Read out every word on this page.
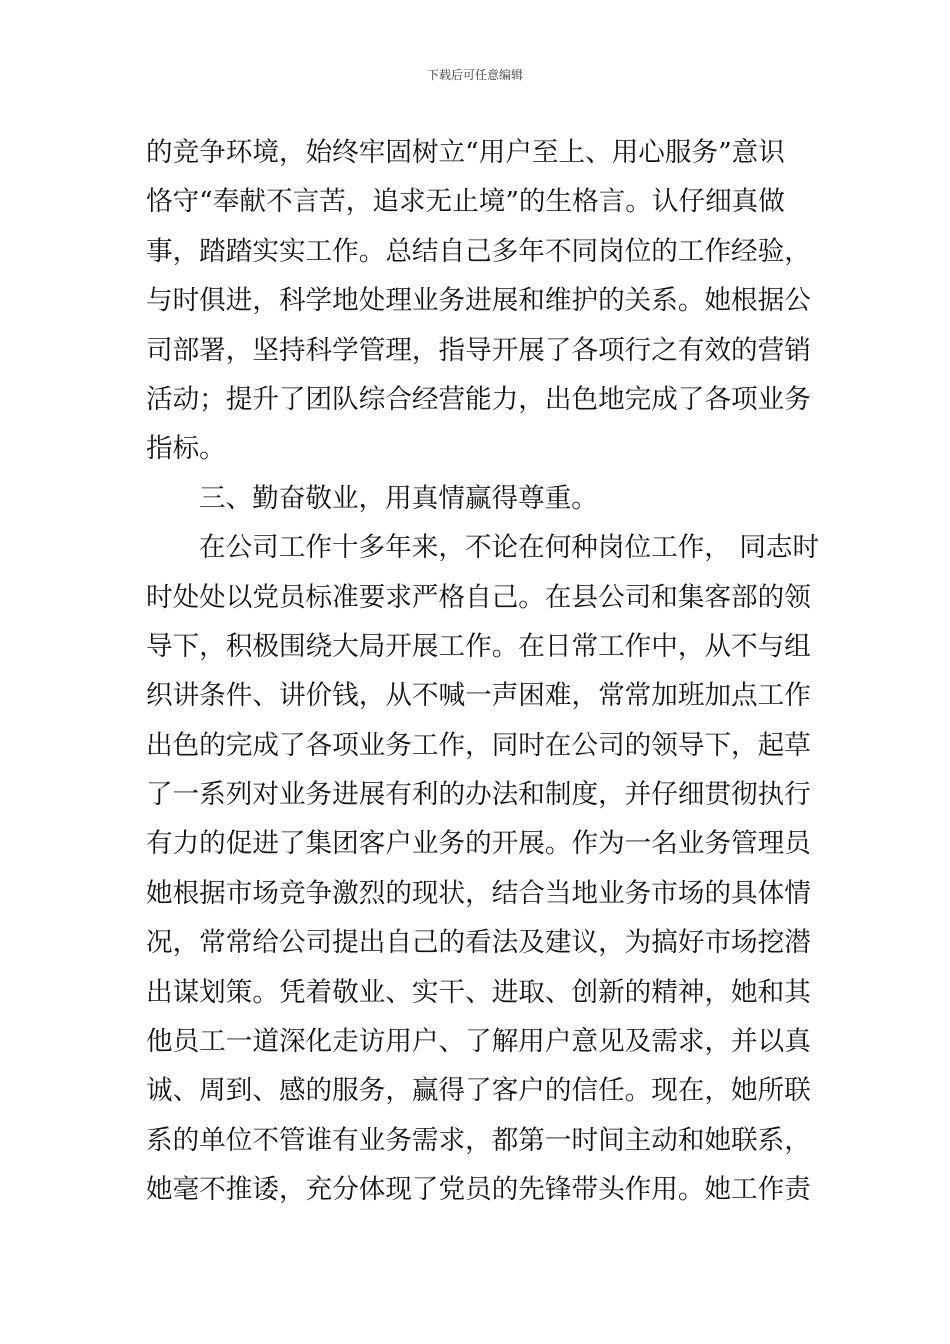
下载后可任意编辑
的竞争环境，始终牢固树立“用户至上、用心服务”意识
恪守“奉献不言苦，追求无止境”的生格言。认仔细真做
事，踏踏实实工作。总结自己多年不同岗位的工作经验，
与时俱进，科学地处理业务进展和维护的关系。她根据公
司部署，坚持科学管理，指导开展了各项行之有效的营销
活动；提升了团队综合经营能力，出色地完成了各项业务
指标。
三、勤奋敬业，用真情赢得尊重。
在公司工作十多年来，不论在何种岗位工作， 同志时
时处处以党员标准要求严格自己。在县公司和集客部的领
导下，积极围绕大局开展工作。在日常工作中，从不与组
织讲条件、讲价钱，从不喊一声困难，常常加班加点工作
出色的完成了各项业务工作，同时在公司的领导下，起草
了一系列对业务进展有利的办法和制度，并仔细贯彻执行
有力的促进了集团客户业务的开展。作为一名业务管理员
她根据市场竞争激烈的现状，结合当地业务市场的具体情
况，常常给公司提出自己的看法及建议，为搞好市场挖潜
出谋划策。凭着敬业、实干、进取、创新的精神，她和其
他员工一道深化走访用户、了解用户意见及需求，并以真
诚、周到、感的服务，赢得了客户的信任。现在，她所联
系的单位不管谁有业务需求，都第一时间主动和她联系，
她毫不推诿，充分体现了党员的先锋带头作用。她工作责
